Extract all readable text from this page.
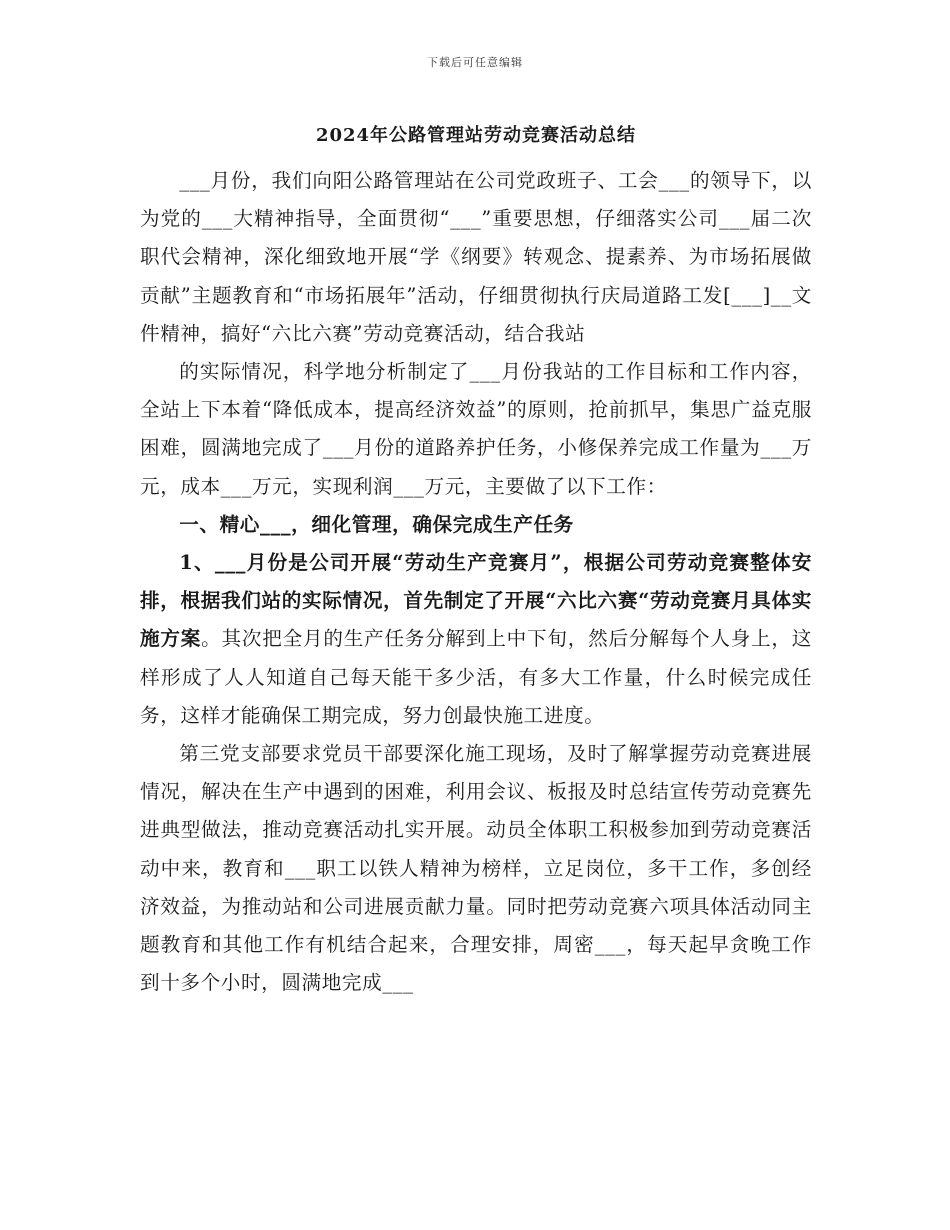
下载后可任意编辑
2024年公路管理站劳动竞赛活动总结

___月份，我们向阳公路管理站在公司党政班子、工会___的领导下，以为党的___大精神指导，全面贯彻“___”重要思想，仔细落实公司___届二次职代会精神，深化细致地开展“学《纲要》转观念、提素养、为市场拓展做贡献”主题教育和“市场拓展年”活动，仔细贯彻执行庆局道路工发[___]__文件精神，搞好“六比六赛”劳动竞赛活动，结合我站

的实际情况，科学地分析制定了___月份我站的工作目标和工作内容，全站上下本着“降低成本，提高经济效益”的原则，抢前抓早，集思广益克服困难，圆满地完成了___月份的道路养护任务，小修保养完成工作量为___万元，成本___万元，实现利润___万元，主要做了以下工作：

一、精心___，细化管理，确保完成生产任务

1、___月份是公司开展“劳动生产竞赛月”，根据公司劳动竞赛整体安排，根据我们站的实际情况，首先制定了开展“六比六赛“劳动竞赛月具体实施方案。其次把全月的生产任务分解到上中下旬，然后分解每个人身上，这样形成了人人知道自己每天能干多少活，有多大工作量，什么时候完成任务，这样才能确保工期完成，努力创最快施工进度。

第三党支部要求党员干部要深化施工现场，及时了解掌握劳动竞赛进展情况，解决在生产中遇到的困难，利用会议、板报及时总结宣传劳动竞赛先进典型做法，推动竞赛活动扎实开展。动员全体职工积极参加到劳动竞赛活动中来，教育和___职工以铁人精神为榜样，立足岗位，多干工作，多创经济效益，为推动站和公司进展贡献力量。同时把劳动竞赛六项具体活动同主题教育和其他工作有机结合起来，合理安排，周密___，每天起早贪晚工作到十多个小时，圆满地完成___
